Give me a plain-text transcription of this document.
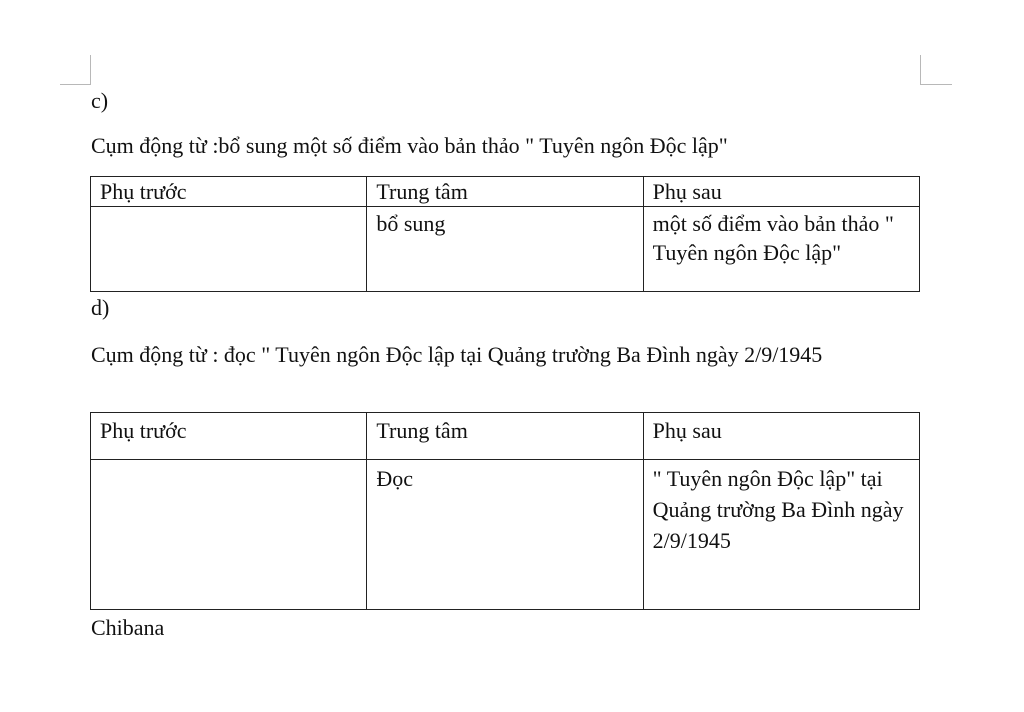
c)
Cụm động từ :bổ sung một số điểm vào bản thảo " Tuyên ngôn Độc lập"
Phụ trước	Trung tâm	Phụ sau
	bổ sung	một số điểm vào bản thảo " Tuyên ngôn Độc lập"
d)
Cụm động từ : đọc " Tuyên ngôn Độc lập tại Quảng trường Ba Đình ngày 2/9/1945
Phụ trước	Trung tâm	Phụ sau
	Đọc	" Tuyên ngôn Độc lập" tại Quảng trường Ba Đình ngày 2/9/1945
Chibana
